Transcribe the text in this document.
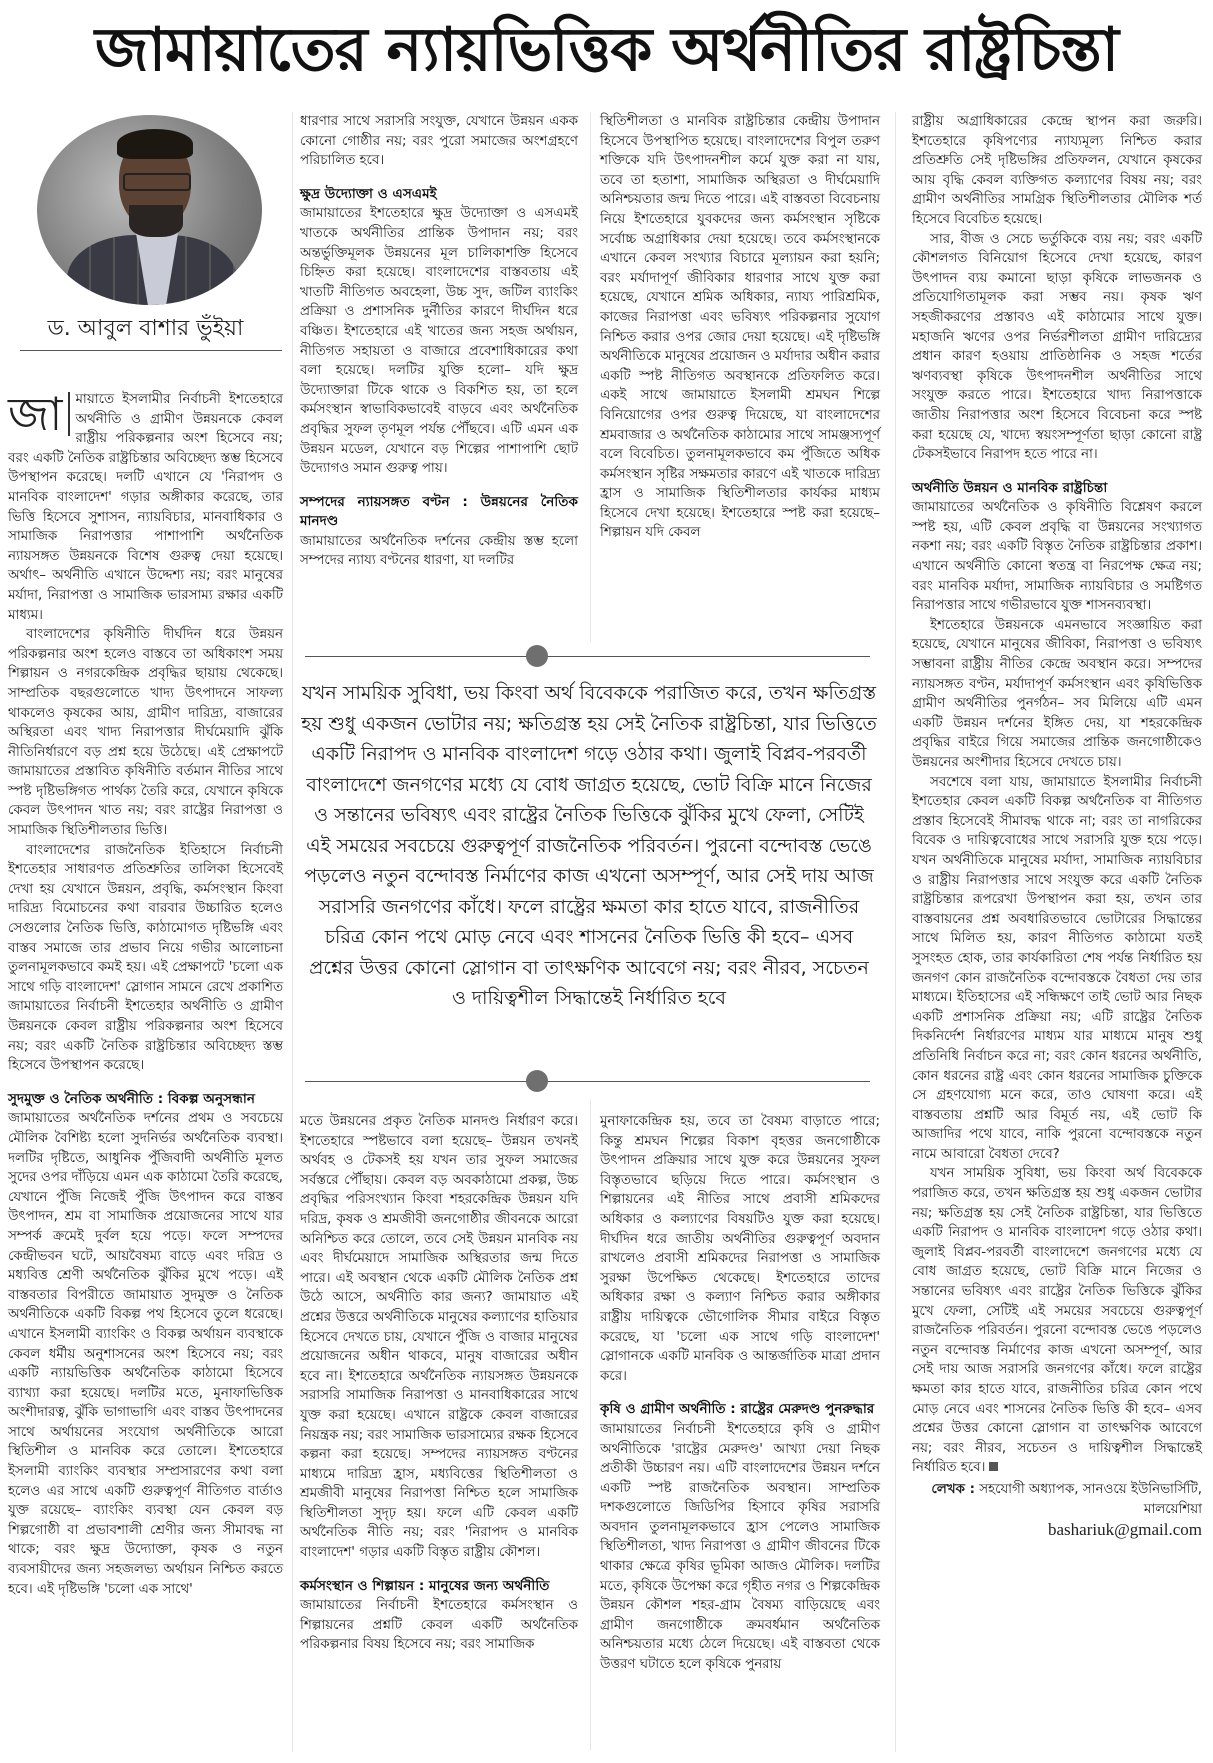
জামায়াতের ন্যায়ভিত্তিক অর্থনীতির রাষ্ট্রচিন্তা
ড. আবুল বাশার ভুঁইয়া

জা মায়াতে ইসলামীর নির্বাচনী ইশতেহারে অর্থনীতি ও গ্রামীণ উন্নয়নকে কেবল রাষ্ট্রীয় পরিকল্পনার অংশ হিসেবে নয়; বরং একটি নৈতিক রাষ্ট্রচিন্তার অবিচ্ছেদ্য স্তম্ভ হিসেবে উপস্থাপন করেছে। দলটি এখানে যে 'নিরাপদ ও মানবিক বাংলাদেশ' গড়ার অঙ্গীকার করেছে, তার ভিত্তি হিসেবে সুশাসন, ন্যায়বিচার, মানবাধিকার ও সামাজিক নিরাপত্তার পাশাপাশি অর্থনৈতিক ন্যায়সঙ্গত উন্নয়নকে বিশেষ গুরুত্ব দেয়া হয়েছে। অর্থাৎ– অর্থনীতি এখানে উদ্দেশ্য নয়; বরং মানুষের মর্যাদা, নিরাপত্তা ও সামাজিক ভারসাম্য রক্ষার একটি মাধ্যম।

বাংলাদেশের কৃষিনীতি দীর্ঘদিন ধরে উন্নয়ন পরিকল্পনার অংশ হলেও বাস্তবে তা অধিকাংশ সময় শিল্পায়ন ও নগরকেন্দ্রিক প্রবৃদ্ধির ছায়ায় থেকেছে। সাম্প্রতিক বছরগুলোতে খাদ্য উৎপাদনে সাফল্য থাকলেও কৃষকের আয়, গ্রামীণ দারিদ্র্য, বাজারের অস্থিরতা এবং খাদ্য নিরাপত্তার দীর্ঘমেয়াদি ঝুঁকি নীতিনির্ধারণে বড় প্রশ্ন হয়ে উঠেছে। এই প্রেক্ষাপটে জামায়াতের প্রস্তাবিত কৃষিনীতি বর্তমান নীতির সাথে স্পষ্ট দৃষ্টিভঙ্গিগত পার্থক্য তৈরি করে, যেখানে কৃষিকে কেবল উৎপাদন খাত নয়; বরং রাষ্ট্রের নিরাপত্তা ও সামাজিক স্থিতিশীলতার ভিত্তি।

বাংলাদেশের রাজনৈতিক ইতিহাসে নির্বাচনী ইশতেহার সাধারণত প্রতিশ্রুতির তালিকা হিসেবেই দেখা হয় যেখানে উন্নয়ন, প্রবৃদ্ধি, কর্মসংস্থান কিংবা দারিদ্র্য বিমোচনের কথা বারবার উচ্চারিত হলেও সেগুলোর নৈতিক ভিত্তি, কাঠামোগত দৃষ্টিভঙ্গি এবং বাস্তব সমাজে তার প্রভাব নিয়ে গভীর আলোচনা তুলনামূলকভাবে কমই হয়। এই প্রেক্ষাপটে 'চলো এক সাথে গড়ি বাংলাদেশ' স্লোগান সামনে রেখে প্রকাশিত জামায়াতের নির্বাচনী ইশতেহার অর্থনীতি ও গ্রামীণ উন্নয়নকে কেবল রাষ্ট্রীয় পরিকল্পনার অংশ হিসেবে নয়; বরং একটি নৈতিক রাষ্ট্রচিন্তার অবিচ্ছেদ্য স্তম্ভ হিসেবে উপস্থাপন করেছে।

সুদমুক্ত ও নৈতিক অর্থনীতি : বিকল্প অনুসন্ধান

জামায়াতের অর্থনৈতিক দর্শনের প্রথম ও সবচেয়ে মৌলিক বৈশিষ্ট্য হলো সুদনির্ভর অর্থনৈতিক ব্যবস্থা। দলটির দৃষ্টিতে, আধুনিক পুঁজিবাদী অর্থনীতি মূলত সুদের ওপর দাঁড়িয়ে এমন এক কাঠামো তৈরি করেছে, যেখানে পুঁজি নিজেই পুঁজি উৎপাদন করে বাস্তব উৎপাদন, শ্রম বা সামাজিক প্রয়োজনের সাথে যার সম্পর্ক ক্রমেই দুর্বল হয়ে পড়ে। ফলে সম্পদের কেন্দ্রীভবন ঘটে, আয়বৈষম্য বাড়ে এবং দরিদ্র ও মধ্যবিত্ত শ্রেণী অর্থনৈতিক ঝুঁকির মুখে পড়ে। এই বাস্তবতার বিপরীতে জামায়াত সুদমুক্ত ও নৈতিক অর্থনীতিকে একটি বিকল্প পথ হিসেবে তুলে ধরেছে। এখানে ইসলামী ব্যাংকিং ও বিকল্প অর্থায়ন ব্যবস্থাকে কেবল ধর্মীয় অনুশাসনের অংশ হিসেবে নয়; বরং একটি ন্যায়ভিত্তিক অর্থনৈতিক কাঠামো হিসেবে ব্যাখ্যা করা হয়েছে। দলটির মতে, মুনাফাভিত্তিক অংশীদারত্ব, ঝুঁকি ভাগাভাগি এবং বাস্তব উৎপাদনের সাথে অর্থায়নের সংযোগ অর্থনীতিকে আরো স্থিতিশীল ও মানবিক করে তোলে। ইশতেহারে ইসলামী ব্যাংকিং ব্যবস্থার সম্প্রসারণের কথা বলা হলেও এর সাথে একটি গুরুত্বপূর্ণ নীতিগত বার্তাও যুক্ত রয়েছে– ব্যাংকিং ব্যবস্থা যেন কেবল বড় শিল্পগোষ্ঠী বা প্রভাবশালী শ্রেণীর জন্য সীমাবদ্ধ না থাকে; বরং ক্ষুদ্র উদ্যোক্তা, কৃষক ও নতুন ব্যবসায়ীদের জন্য সহজলভ্য অর্থায়ন নিশ্চিত করতে হবে। এই দৃষ্টিভঙ্গি 'চলো এক সাথে'

ধারণার সাথে সরাসরি সংযুক্ত, যেখানে উন্নয়ন একক কোনো গোষ্ঠীর নয়; বরং পুরো সমাজের অংশগ্রহণে পরিচালিত হবে।

ক্ষুদ্র উদ্যোক্তা ও এসএমই

জামায়াতের ইশতেহারে ক্ষুদ্র উদ্যোক্তা ও এসএমই খাতকে অর্থনীতির প্রান্তিক উপাদান নয়; বরং অন্তর্ভুক্তিমূলক উন্নয়নের মূল চালিকাশক্তি হিসেবে চিহ্নিত করা হয়েছে। বাংলাদেশের বাস্তবতায় এই খাতটি নীতিগত অবহেলা, উচ্চ সুদ, জটিল ব্যাংকিং প্রক্রিয়া ও প্রশাসনিক দুর্নীতির কারণে দীর্ঘদিন ধরে বঞ্চিত। ইশতেহারে এই খাতের জন্য সহজ অর্থায়ন, নীতিগত সহায়তা ও বাজারে প্রবেশাধিকারের কথা বলা হয়েছে। দলটির যুক্তি হলো– যদি ক্ষুদ্র উদ্যোক্তারা টিকে থাকে ও বিকশিত হয়, তা হলে কর্মসংস্থান স্বাভাবিকভাবেই বাড়বে এবং অর্থনৈতিক প্রবৃদ্ধির সুফল তৃণমূল পর্যন্ত পৌঁছবে। এটি এমন এক উন্নয়ন মডেল, যেখানে বড় শিল্পের পাশাপাশি ছোট উদ্যোগও সমান গুরুত্ব পায়।

সম্পদের ন্যায়সঙ্গত বণ্টন : উন্নয়নের নৈতিক মানদণ্ড

জামায়াতের অর্থনৈতিক দর্শনের কেন্দ্রীয় স্তম্ভ হলো সম্পদের ন্যায্য বণ্টনের ধারণা, যা দলটির

স্থিতিশীলতা ও মানবিক রাষ্ট্রচিন্তার কেন্দ্রীয় উপাদান হিসেবে উপস্থাপিত হয়েছে। বাংলাদেশের বিপুল তরুণ শক্তিকে যদি উৎপাদনশীল কর্মে যুক্ত করা না যায়, তবে তা হতাশা, সামাজিক অস্থিরতা ও দীর্ঘমেয়াদি অনিশ্চয়তার জন্ম দিতে পারে। এই বাস্তবতা বিবেচনায় নিয়ে ইশতেহারে যুবকদের জন্য কর্মসংস্থান সৃষ্টিকে সর্বোচ্চ অগ্রাধিকার দেয়া হয়েছে। তবে কর্মসংস্থানকে এখানে কেবল সংখ্যার বিচারে মূল্যায়ন করা হয়নি; বরং মর্যাদাপূর্ণ জীবিকার ধারণার সাথে যুক্ত করা হয়েছে, যেখানে শ্রমিক অধিকার, ন্যায্য পারিশ্রমিক, কাজের নিরাপত্তা এবং ভবিষ্যৎ পরিকল্পনার সুযোগ নিশ্চিত করার ওপর জোর দেয়া হয়েছে। এই দৃষ্টিভঙ্গি অর্থনীতিকে মানুষের প্রয়োজন ও মর্যাদার অধীন করার একটি স্পষ্ট নীতিগত অবস্থানকে প্রতিফলিত করে। একই সাথে জামায়াতে ইসলামী শ্রমঘন শিল্পে বিনিয়োগের ওপর গুরুত্ব দিয়েছে, যা বাংলাদেশের শ্রমবাজার ও অর্থনৈতিক কাঠামোর সাথে সামঞ্জস্যপূর্ণ বলে বিবেচিত। তুলনামূলকভাবে কম পুঁজিতে অধিক কর্মসংস্থান সৃষ্টির সক্ষমতার কারণে এই খাতকে দারিদ্র্য হ্রাস ও সামাজিক স্থিতিশীলতার কার্যকর মাধ্যম হিসেবে দেখা হয়েছে। ইশতেহারে স্পষ্ট করা হয়েছে– শিল্পায়ন যদি কেবল

যখন সাময়িক সুবিধা, ভয় কিংবা অর্থ বিবেককে পরাজিত করে, তখন ক্ষতিগ্রস্ত হয় শুধু একজন ভোটার নয়; ক্ষতিগ্রস্ত হয় সেই নৈতিক রাষ্ট্রচিন্তা, যার ভিত্তিতে একটি নিরাপদ ও মানবিক বাংলাদেশ গড়ে ওঠার কথা। জুলাই বিপ্লব-পরবর্তী বাংলাদেশে জনগণের মধ্যে যে বোধ জাগ্রত হয়েছে, ভোট বিক্রি মানে নিজের ও সন্তানের ভবিষ্যৎ এবং রাষ্ট্রের নৈতিক ভিত্তিকে ঝুঁকির মুখে ফেলা, সেটিই এই সময়ের সবচেয়ে গুরুত্বপূর্ণ রাজনৈতিক পরিবর্তন। পুরনো বন্দোবস্ত ভেঙে পড়লেও নতুন বন্দোবস্ত নির্মাণের কাজ এখনো অসম্পূর্ণ, আর সেই দায় আজ সরাসরি জনগণের কাঁধে। ফলে রাষ্ট্রের ক্ষমতা কার হাতে যাবে, রাজনীতির চরিত্র কোন পথে মোড় নেবে এবং শাসনের নৈতিক ভিত্তি কী হবে– এসব প্রশ্নের উত্তর কোনো স্লোগান বা তাৎক্ষণিক আবেগে নয়; বরং নীরব, সচেতন ও দায়িত্বশীল সিদ্ধান্তেই নির্ধারিত হবে

মতে উন্নয়নের প্রকৃত নৈতিক মানদণ্ড নির্ধারণ করে। ইশতেহারে স্পষ্টভাবে বলা হয়েছে– উন্নয়ন তখনই অর্থবহ ও টেকসই হয় যখন তার সুফল সমাজের সর্বস্তরে পৌঁছায়। কেবল বড় অবকাঠামো প্রকল্প, উচ্চ প্রবৃদ্ধির পরিসংখ্যান কিংবা শহরকেন্দ্রিক উন্নয়ন যদি দরিদ্র, কৃষক ও শ্রমজীবী জনগোষ্ঠীর জীবনকে আরো অনিশ্চিত করে তোলে, তবে সেই উন্নয়ন মানবিক নয় এবং দীর্ঘমেয়াদে সামাজিক অস্থিরতার জন্ম দিতে পারে। এই অবস্থান থেকে একটি মৌলিক নৈতিক প্রশ্ন উঠে আসে, অর্থনীতি কার জন্য? জামায়াত এই প্রশ্নের উত্তরে অর্থনীতিকে মানুষের কল্যাণের হাতিয়ার হিসেবে দেখতে চায়, যেখানে পুঁজি ও বাজার মানুষের প্রয়োজনের অধীন থাকবে, মানুষ বাজারের অধীন হবে না। ইশতেহারে অর্থনৈতিক ন্যায়সঙ্গত উন্নয়নকে সরাসরি সামাজিক নিরাপত্তা ও মানবাধিকারের সাথে যুক্ত করা হয়েছে। এখানে রাষ্ট্রকে কেবল বাজারের নিয়ন্ত্রক নয়; বরং সামাজিক ভারসাম্যের রক্ষক হিসেবে কল্পনা করা হয়েছে। সম্পদের ন্যায়সঙ্গত বণ্টনের মাধ্যমে দারিদ্র্য হ্রাস, মধ্যবিত্তের স্থিতিশীলতা ও শ্রমজীবী মানুষের নিরাপত্তা নিশ্চিত হলে সামাজিক স্থিতিশীলতা সুদৃঢ় হয়। ফলে এটি কেবল একটি অর্থনৈতিক নীতি নয়; বরং 'নিরাপদ ও মানবিক বাংলাদেশ' গড়ার একটি বিস্তৃত রাষ্ট্রীয় কৌশল।

কর্মসংস্থান ও শিল্পায়ন : মানুষের জন্য অর্থনীতি

জামায়াতের নির্বাচনী ইশতেহারে কর্মসংস্থান ও শিল্পায়নের প্রশ্নটি কেবল একটি অর্থনৈতিক পরিকল্পনার বিষয় হিসেবে নয়; বরং সামাজিক

মুনাফাকেন্দ্রিক হয়, তবে তা বৈষম্য বাড়াতে পারে; কিন্তু শ্রমঘন শিল্পের বিকাশ বৃহত্তর জনগোষ্ঠীকে উৎপাদন প্রক্রিয়ার সাথে যুক্ত করে উন্নয়নের সুফল বিস্তৃতভাবে ছড়িয়ে দিতে পারে। কর্মসংস্থান ও শিল্পায়নের এই নীতির সাথে প্রবাসী শ্রমিকদের অধিকার ও কল্যাণের বিষয়টিও যুক্ত করা হয়েছে। দীর্ঘদিন ধরে জাতীয় অর্থনীতির গুরুত্বপূর্ণ অবদান রাখলেও প্রবাসী শ্রমিকদের নিরাপত্তা ও সামাজিক সুরক্ষা উপেক্ষিত থেকেছে। ইশতেহারে তাদের অধিকার রক্ষা ও কল্যাণ নিশ্চিত করার অঙ্গীকার রাষ্ট্রীয় দায়িত্বকে ভৌগোলিক সীমার বাইরে বিস্তৃত করেছে, যা 'চলো এক সাথে গড়ি বাংলাদেশ' স্লোগানকে একটি মানবিক ও আন্তর্জাতিক মাত্রা প্রদান করে।

কৃষি ও গ্রামীণ অর্থনীতি : রাষ্ট্রের মেরুদণ্ড পুনরুদ্ধার

জামায়াতের নির্বাচনী ইশতেহারে কৃষি ও গ্রামীণ অর্থনীতিকে 'রাষ্ট্রের মেরুদণ্ড' আখ্যা দেয়া নিছক প্রতীকী উচ্চারণ নয়। এটি বাংলাদেশের উন্নয়ন দর্শনে একটি স্পষ্ট রাজনৈতিক অবস্থান। সাম্প্রতিক দশকগুলোতে জিডিপির হিসাবে কৃষির সরাসরি অবদান তুলনামূলকভাবে হ্রাস পেলেও সামাজিক স্থিতিশীলতা, খাদ্য নিরাপত্তা ও গ্রামীণ জীবনের টিকে থাকার ক্ষেত্রে কৃষির ভূমিকা আজও মৌলিক। দলটির মতে, কৃষিকে উপেক্ষা করে গৃহীত নগর ও শিল্পকেন্দ্রিক উন্নয়ন কৌশল শহর-গ্রাম বৈষম্য বাড়িয়েছে এবং গ্রামীণ জনগোষ্ঠীকে ক্রমবর্ধমান অর্থনৈতিক অনিশ্চয়তার মধ্যে ঠেলে দিয়েছে। এই বাস্তবতা থেকে উত্তরণ ঘটাতে হলে কৃষিকে পুনরায়

রাষ্ট্রীয় অগ্রাধিকারের কেন্দ্রে স্থাপন করা জরুরি। ইশতেহারে কৃষিপণ্যের ন্যায্যমূল্য নিশ্চিত করার প্রতিশ্রুতি সেই দৃষ্টিভঙ্গির প্রতিফলন, যেখানে কৃষকের আয় বৃদ্ধি কেবল ব্যক্তিগত কল্যাণের বিষয় নয়; বরং গ্রামীণ অর্থনীতির সামগ্রিক স্থিতিশীলতার মৌলিক শর্ত হিসেবে বিবেচিত হয়েছে।

সার, বীজ ও সেচে ভর্তুকিকে ব্যয় নয়; বরং একটি কৌশলগত বিনিয়োগ হিসেবে দেখা হয়েছে, কারণ উৎপাদন ব্যয় কমানো ছাড়া কৃষিকে লাভজনক ও প্রতিযোগিতামূলক করা সম্ভব নয়। কৃষক ঋণ সহজীকরণের প্রস্তাবও এই কাঠামোর সাথে যুক্ত। মহাজনি ঋণের ওপর নির্ভরশীলতা গ্রামীণ দারিদ্র্যের প্রধান কারণ হওয়ায় প্রাতিষ্ঠানিক ও সহজ শর্তের ঋণব্যবস্থা কৃষিকে উৎপাদনশীল অর্থনীতির সাথে সংযুক্ত করতে পারে। ইশতেহারে খাদ্য নিরাপত্তাকে জাতীয় নিরাপত্তার অংশ হিসেবে বিবেচনা করে স্পষ্ট করা হয়েছে যে, খাদ্যে স্বয়ংসম্পূর্ণতা ছাড়া কোনো রাষ্ট্র টেকসইভাবে নিরাপদ হতে পারে না।

অর্থনীতি উন্নয়ন ও মানবিক রাষ্ট্রচিন্তা

জামায়াতের অর্থনৈতিক ও কৃষিনীতি বিশ্লেষণ করলে স্পষ্ট হয়, এটি কেবল প্রবৃদ্ধি বা উন্নয়নের সংখ্যাগত নকশা নয়; বরং একটি বিস্তৃত নৈতিক রাষ্ট্রচিন্তার প্রকাশ। এখানে অর্থনীতি কোনো স্বতন্ত্র বা নিরপেক্ষ ক্ষেত্র নয়; বরং মানবিক মর্যাদা, সামাজিক ন্যায়বিচার ও সমষ্টিগত নিরাপত্তার সাথে গভীরভাবে যুক্ত শাসনব্যবস্থা।

ইশতেহারে উন্নয়নকে এমনভাবে সংজ্ঞায়িত করা হয়েছে, যেখানে মানুষের জীবিকা, নিরাপত্তা ও ভবিষ্যৎ সম্ভাবনা রাষ্ট্রীয় নীতির কেন্দ্রে অবস্থান করে। সম্পদের ন্যায়সঙ্গত বণ্টন, মর্যাদাপূর্ণ কর্মসংস্থান এবং কৃষিভিত্তিক গ্রামীণ অর্থনীতির পুনর্গঠন– সব মিলিয়ে এটি এমন একটি উন্নয়ন দর্শনের ইঙ্গিত দেয়, যা শহরকেন্দ্রিক প্রবৃদ্ধির বাইরে গিয়ে সমাজের প্রান্তিক জনগোষ্ঠীকেও উন্নয়নের অংশীদার হিসেবে দেখতে চায়।

সবশেষে বলা যায়, জামায়াতে ইসলামীর নির্বাচনী ইশতেহার কেবল একটি বিকল্প অর্থনৈতিক বা নীতিগত প্রস্তাব হিসেবেই সীমাবদ্ধ থাকে না; বরং তা নাগরিকের বিবেক ও দায়িত্ববোধের সাথে সরাসরি যুক্ত হয়ে পড়ে। যখন অর্থনীতিকে মানুষের মর্যাদা, সামাজিক ন্যায়বিচার ও রাষ্ট্রীয় নিরাপত্তার সাথে সংযুক্ত করে একটি নৈতিক রাষ্ট্রচিন্তার রূপরেখা উপস্থাপন করা হয়, তখন তার বাস্তবায়নের প্রশ্ন অবধারিতভাবে ভোটারের সিদ্ধান্তের সাথে মিলিত হয়, কারণ নীতিগত কাঠামো যতই সুসংহত হোক, তার কার্যকারিতা শেষ পর্যন্ত নির্ধারিত হয় জনগণ কোন রাজনৈতিক বন্দোবস্তকে বৈধতা দেয় তার মাধ্যমে। ইতিহাসের এই সন্ধিক্ষণে তাই ভোট আর নিছক একটি প্রশাসনিক প্রক্রিয়া নয়; এটি রাষ্ট্রের নৈতিক দিকনির্দেশ নির্ধারণের মাধ্যম যার মাধ্যমে মানুষ শুধু প্রতিনিধি নির্বাচন করে না; বরং কোন ধরনের অর্থনীতি, কোন ধরনের রাষ্ট্র এবং কোন ধরনের সামাজিক চুক্তিকে সে গ্রহণযোগ্য মনে করে, তাও ঘোষণা করে। এই বাস্তবতায় প্রশ্নটি আর বিমূর্ত নয়, এই ভোট কি আজাদির পথে যাবে, নাকি পুরনো বন্দোবস্তকে নতুন নামে আবারো বৈধতা দেবে?

যখন সাময়িক সুবিধা, ভয় কিংবা অর্থ বিবেককে পরাজিত করে, তখন ক্ষতিগ্রস্ত হয় শুধু একজন ভোটার নয়; ক্ষতিগ্রস্ত হয় সেই নৈতিক রাষ্ট্রচিন্তা, যার ভিত্তিতে একটি নিরাপদ ও মানবিক বাংলাদেশ গড়ে ওঠার কথা। জুলাই বিপ্লব-পরবর্তী বাংলাদেশে জনগণের মধ্যে যে বোধ জাগ্রত হয়েছে, ভোট বিক্রি মানে নিজের ও সন্তানের ভবিষ্যৎ এবং রাষ্ট্রের নৈতিক ভিত্তিকে ঝুঁকির মুখে ফেলা, সেটিই এই সময়ের সবচেয়ে গুরুত্বপূর্ণ রাজনৈতিক পরিবর্তন। পুরনো বন্দোবস্ত ভেঙে পড়লেও নতুন বন্দোবস্ত নির্মাণের কাজ এখনো অসম্পূর্ণ, আর সেই দায় আজ সরাসরি জনগণের কাঁধে। ফলে রাষ্ট্রের ক্ষমতা কার হাতে যাবে, রাজনীতির চরিত্র কোন পথে মোড় নেবে এবং শাসনের নৈতিক ভিত্তি কী হবে– এসব প্রশ্নের উত্তর কোনো স্লোগান বা তাৎক্ষণিক আবেগে নয়; বরং নীরব, সচেতন ও দায়িত্বশীল সিদ্ধান্তেই নির্ধারিত হবে।

লেখক : সহযোগী অধ্যাপক, সানওয়ে ইউনিভার্সিটি, মালয়েশিয়া
bashariuk@gmail.com
